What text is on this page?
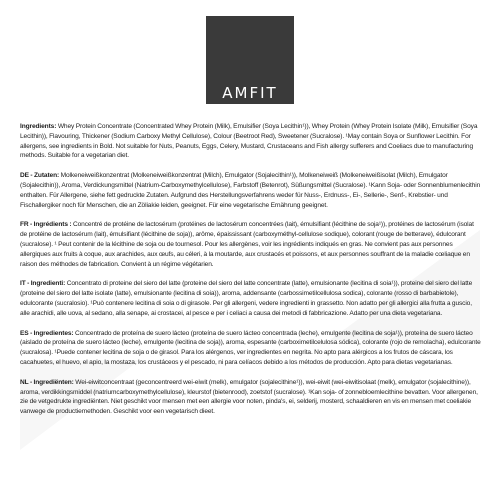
AMFIT

Ingredients: Whey Protein Concentrate (Concentrated Whey Protein (Milk), Emulsifier (Soya Lecithin¹)), Whey Protein (Whey Protein Isolate (Milk), Emulsifier (Soya Lecithin)), Flavouring, Thickener (Sodium Carboxy Methyl Cellulose), Colour (Beetroot Red), Sweetener (Sucralose). ¹May contain Soya or Sunflower Lecithin. For allergens, see ingredients in Bold. Not suitable for Nuts, Peanuts, Eggs, Celery, Mustard, Crustaceans and Fish allergy sufferers and Coeliacs due to manufacturing methods. Suitable for a vegetarian diet.

DE - Zutaten: Molkeneiweißkonzentrat (Molkeneiweißkonzentrat (Milch), Emulgator (Sojalecithin¹)), Molkeneiweiß (Molkeneiweißisolat (Milch), Emulgator (Sojalecithin)), Aroma, Verdickungsmittel (Natrium-Carboxymethylcellulose), Farbstoff (Betenrot), Süßungsmittel (Sucralose). ¹Kann Soja- oder Sonnenblumenlecithin enthalten. Für Allergene, siehe fett gedruckte Zutaten. Aufgrund des Herstellungsverfahrens weder für Nuss-, Erdnuss-, Ei-, Sellerie-, Senf-, Krebstier- und Fischallergiker noch für Menschen, die an Zöliakie leiden, geeignet. Für eine vegetarische Ernährung geeignet.

FR - Ingrédients : Concentré de protéine de lactosérum (protéines de lactosérum concentrées (lait), émulsifiant (lécithine de soja¹)), protéines de lactosérum (isolat de protéine de lactosérum (lait), émulsifiant (lécithine de soja)), arôme, épaississant (carboxyméthyl-cellulose sodique), colorant (rouge de betterave), édulcorant (sucralose). ¹ Peut contenir de la lécithine de soja ou de tournesol. Pour les allergènes, voir les ingrédients indiqués en gras. Ne convient pas aux personnes allergiques aux fruits à coque, aux arachides, aux œufs, au céleri, à la moutarde, aux crustacés et poissons, et aux personnes souffrant de la maladie cœliaque en raison des méthodes de fabrication. Convient à un régime végétarien.

IT - Ingredienti: Concentrato di proteine del siero del latte (proteine del siero del latte concentrate (latte), emulsionante (lecitina di soia¹)), proteine del siero del latte (proteine del siero del latte isolate (latte), emulsionante (lecitina di soia)), aroma, addensante (carbossimetilcellulosa sodica), colorante (rosso di barbabietole), edulcorante (sucralosio). ¹Può contenere lecitina di soia o di girasole. Per gli allergeni, vedere ingredienti in grassetto. Non adatto per gli allergici alla frutta a guscio, alle arachidi, alle uova, al sedano, alla senape, ai crostacei, al pesce e per i celiaci a causa dei metodi di fabbricazione. Adatto per una dieta vegetariana.

ES - Ingredientes: Concentrado de proteína de suero lácteo (proteína de suero lácteo concentrada (leche), emulgente (lecitina de soja¹)), proteína de suero lácteo (aislado de proteína de suero lácteo (leche), emulgente (lecitina de soja)), aroma, espesante (carboximetilcelulosa sódica), colorante (rojo de remolacha), edulcorante (sucralosa). ¹Puede contener lecitina de soja o de girasol. Para los alérgenos, ver ingredientes en negrita. No apto para alérgicos a los frutos de cáscara, los cacahuetes, el huevo, el apio, la mostaza, los crustáceos y el pescado, ni para celíacos debido a los métodos de producción. Apto para dietas vegetarianas.

NL - Ingrediënten: Wei-eiwitconcentraat (geconcentreerd wei-eiwit (melk), emulgator (sojalecithine¹)), wei-eiwit (wei-eiwitisolaat (melk), emulgator (sojalecithine)), aroma, verdikkingsmiddel (natriumcarboxymethylcellulose), kleurstof (bietenrood), zoetstof (sucralose). ¹Kan soja- of zonnebloemlecithine bevatten. Voor allergenen, zie de vetgedrukte ingrediënten. Niet geschikt voor mensen met een allergie voor noten, pinda's, ei, selderij, mosterd, schaaldieren en vis en mensen met coeliakie vanwege de productiemethoden. Geschikt voor een vegetarisch dieet.
